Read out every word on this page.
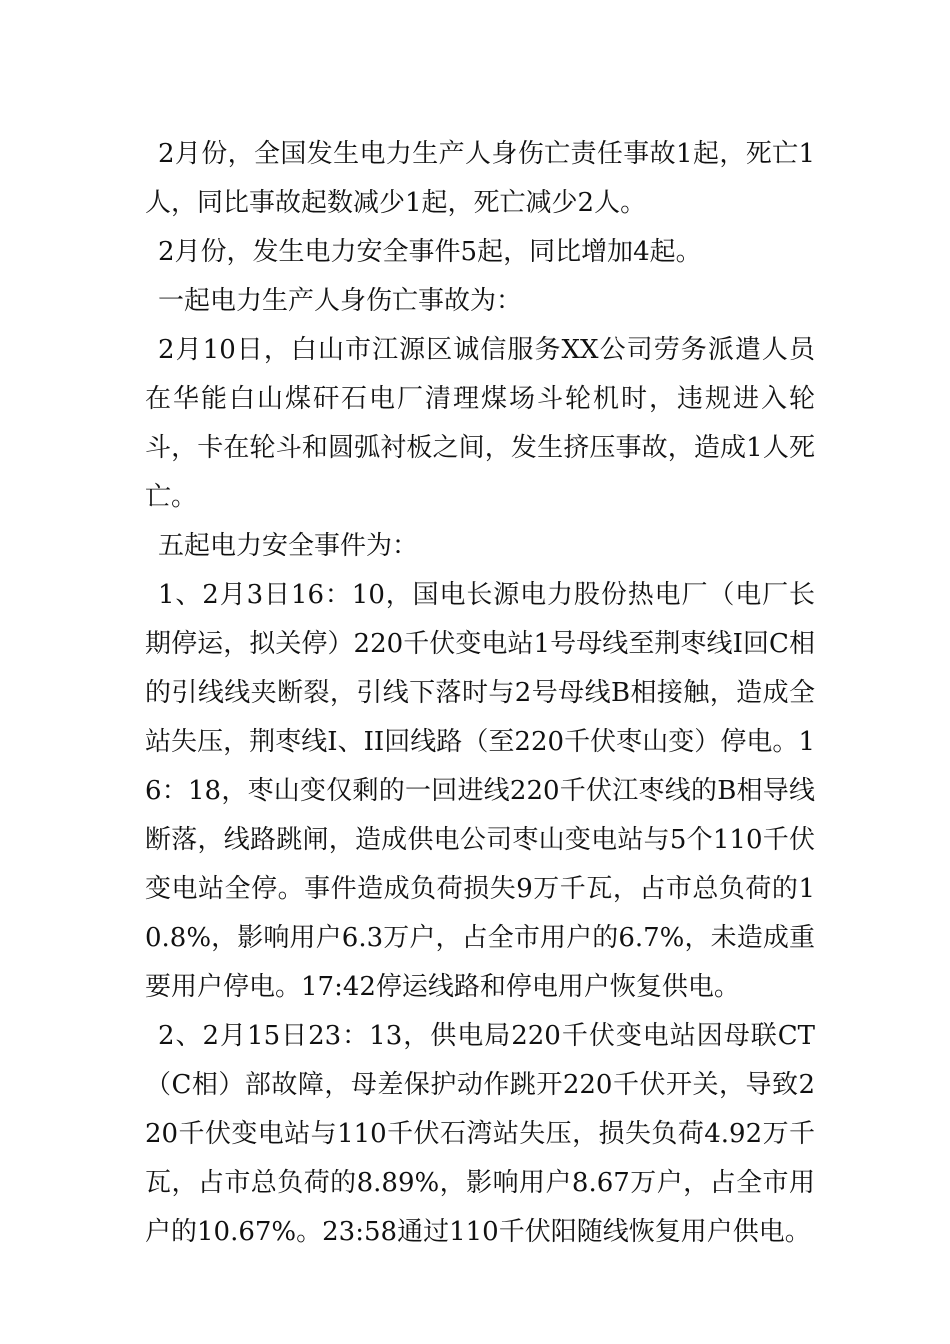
2月份，全国发生电力生产人身伤亡责任事故1起，死亡1人，同比事故起数减少1起，死亡减少2人。

2月份，发生电力安全事件5起，同比增加4起。

一起电力生产人身伤亡事故为：

2月10日，白山市江源区诚信服务XX公司劳务派遣人员在华能白山煤矸石电厂清理煤场斗轮机时，违规进入轮斗，卡在轮斗和圆弧衬板之间，发生挤压事故，造成1人死亡。

五起电力安全事件为：

1、2月3日16：10，国电长源电力股份热电厂（电厂长期停运，拟关停）220千伏变电站1号母线至荆枣线I回C相的引线线夹断裂，引线下落时与2号母线B相接触，造成全站失压，荆枣线I、II回线路（至220千伏枣山变）停电。16：18，枣山变仅剩的一回进线220千伏江枣线的B相导线断落，线路跳闸，造成供电公司枣山变电站与5个110千伏变电站全停。事件造成负荷损失9万千瓦，占市总负荷的10.8%，影响用户6.3万户，占全市用户的6.7%，未造成重要用户停电。17:42停运线路和停电用户恢复供电。

2、2月15日23：13，供电局220千伏变电站因母联CT（C相）部故障，母差保护动作跳开220千伏开关，导致220千伏变电站与110千伏石湾站失压，损失负荷4.92万千瓦，占市总负荷的8.89%，影响用户8.67万户，占全市用户的10.67%。23:58通过110千伏阳随线恢复用户供电。
